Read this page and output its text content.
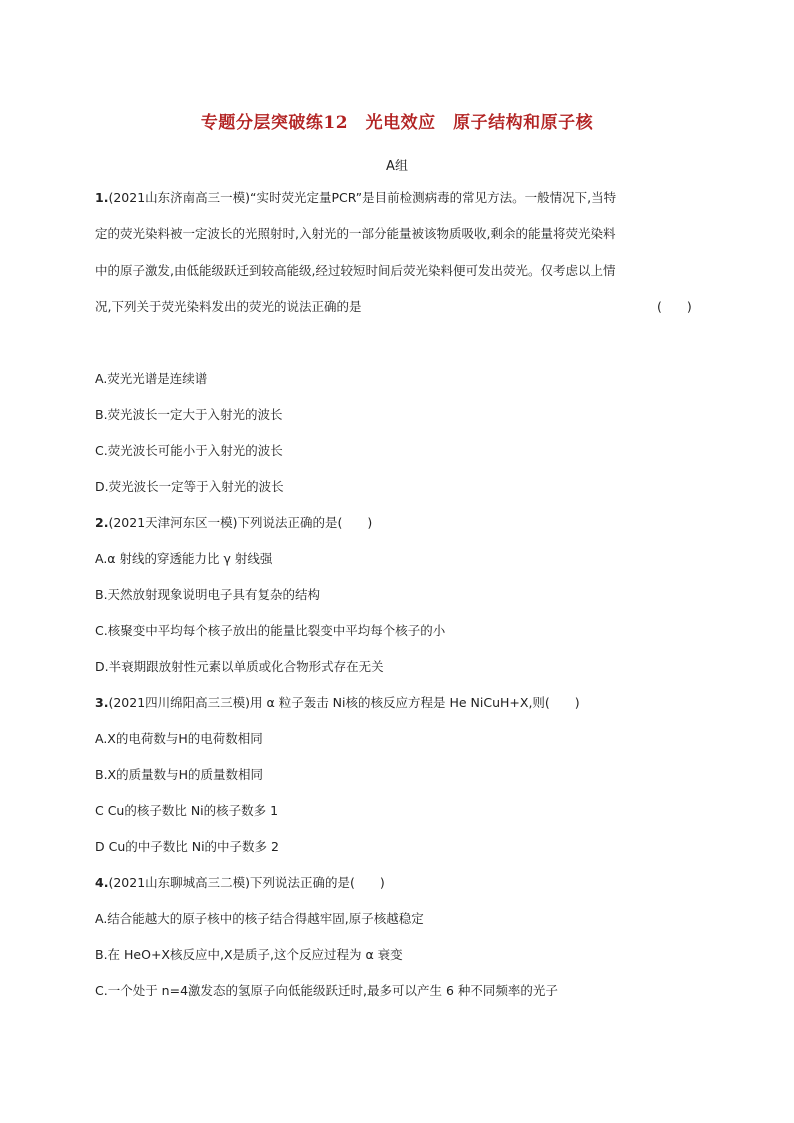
专题分层突破练12　光电效应　原子结构和原子核
A组
1.(2021山东济南高三一模)“实时荧光定量PCR”是目前检测病毒的常见方法。一般情况下,当特
定的荧光染料被一定波长的光照射时,入射光的一部分能量被该物质吸收,剩余的能量将荧光染料
中的原子激发,由低能级跃迁到较高能级,经过较短时间后荧光染料便可发出荧光。仅考虑以上情
况,下列关于荧光染料发出的荧光的说法正确的是	(　　)
A.荧光光谱是连续谱
B.荧光波长一定大于入射光的波长
C.荧光波长可能小于入射光的波长
D.荧光波长一定等于入射光的波长
2.(2021天津河东区一模)下列说法正确的是(　　)
A.α 射线的穿透能力比 γ 射线强
B.天然放射现象说明电子具有复杂的结构
C.核聚变中平均每个核子放出的能量比裂变中平均每个核子的小
D.半衰期跟放射性元素以单质或化合物形式存在无关
3.(2021四川绵阳高三三模)用 α 粒子轰击 Ni核的核反应方程是 He NiCuH+X,则(　　)
A.X的电荷数与H的电荷数相同
B.X的质量数与H的质量数相同
C Cu的核子数比 Ni的核子数多 1
D Cu的中子数比 Ni的中子数多 2
4.(2021山东聊城高三二模)下列说法正确的是(　　)
A.结合能越大的原子核中的核子结合得越牢固,原子核越稳定
B.在 HeO+X核反应中,X是质子,这个反应过程为 α 衰变
C.一个处于 n=4激发态的氢原子向低能级跃迁时,最多可以产生 6 种不同频率的光子
